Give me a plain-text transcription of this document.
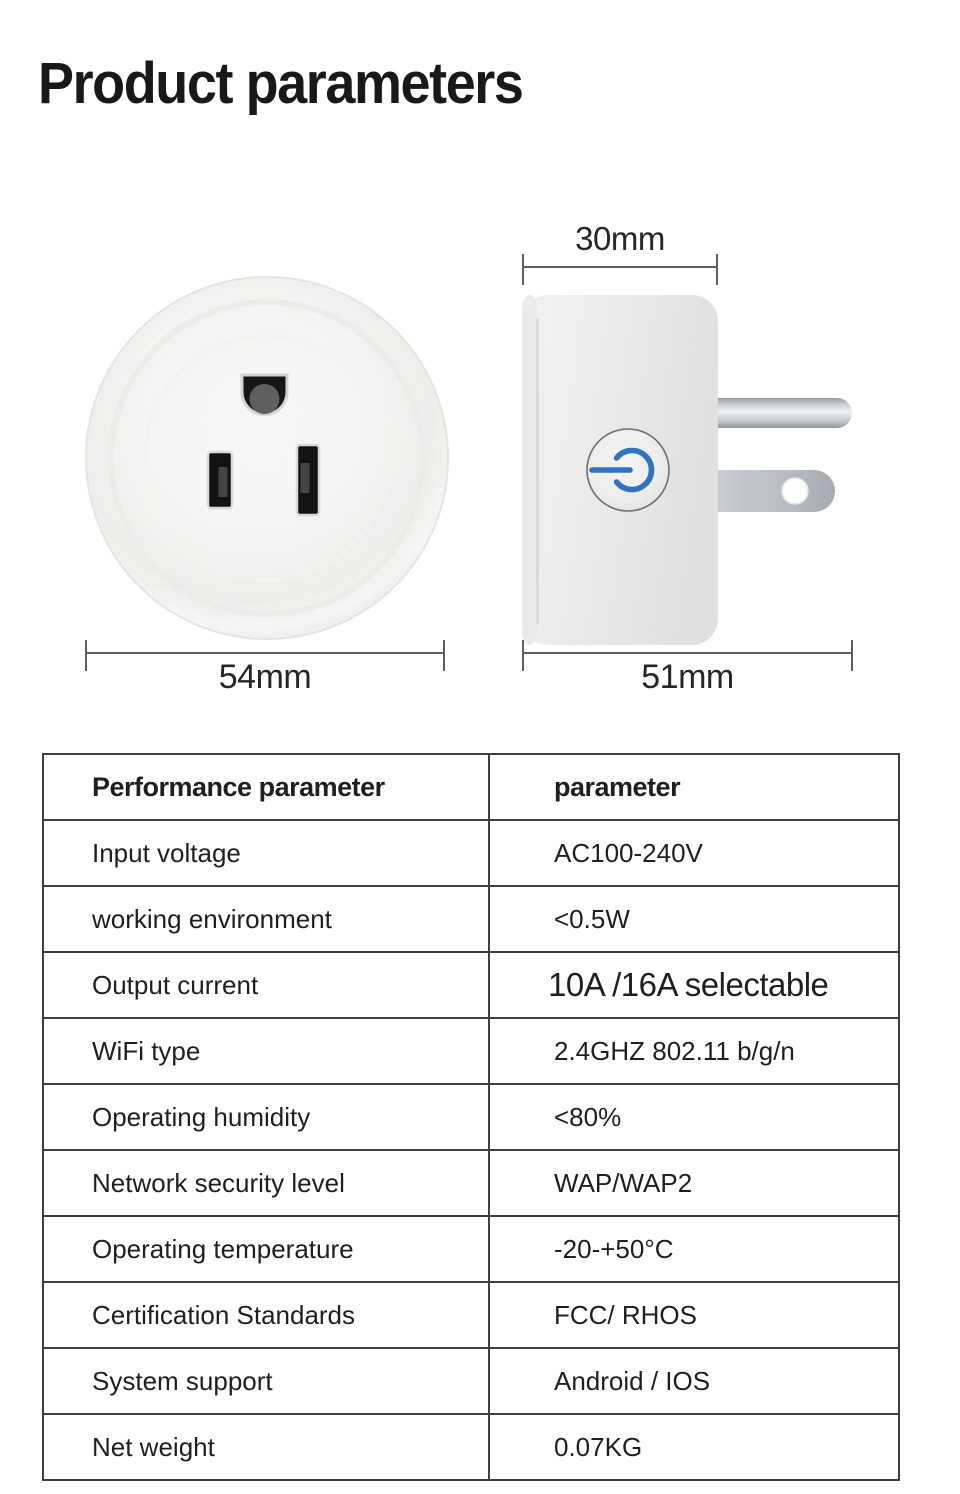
Product parameters
30mm
54mm	51mm
Performance parameter	parameter
Input voltage	AC100-240V
working environment	<0.5W
Output current	10A /16A selectable
WiFi type	2.4GHZ 802.11 b/g/n
Operating humidity	<80%
Network security level	WAP/WAP2
Operating temperature	-20-+50°C
Certification Standards	FCC/ RHOS
System support	Android / IOS
Net weight	0.07KG
